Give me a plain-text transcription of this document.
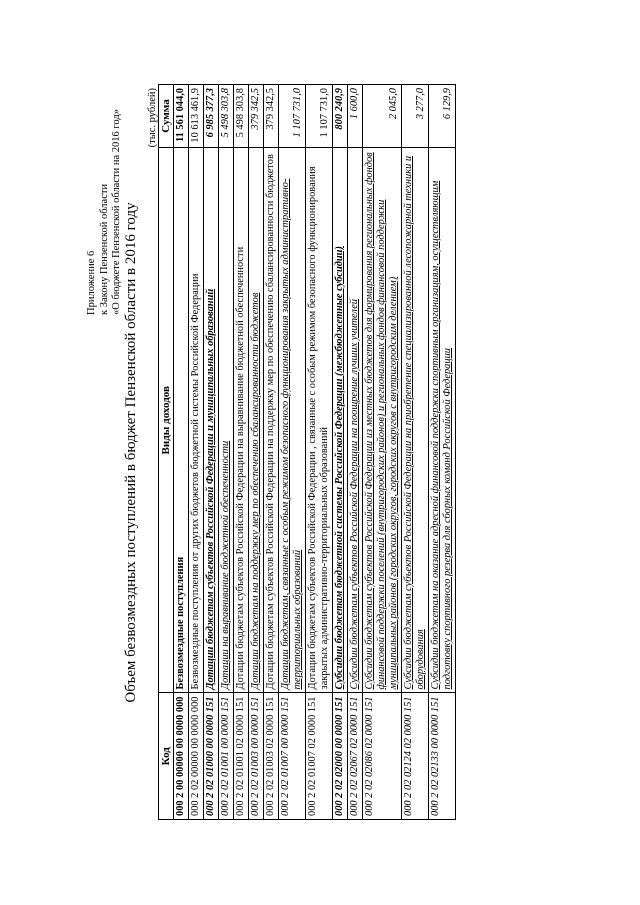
Приложение 6 к Закону Пензенской области «О бюджете Пензенской области на 2016 год» Объем безвозмездных поступлений в бюджет Пензенской области в 2016 году
(тыс. рублей)
Код	Виды доходов	Сумма
000 2 00 00000 00 0000 000	Безвозмездные поступления	11 561 044,0
000 2 02 00000 00 0000 000	Безвозмездные поступления от других бюджетов бюджетной системы Российской Федерации	10 613 461,9
000 2 02 01000 00 0000 151	Дотации бюджетам субъектов Российской Федерации и муниципальных образований	6 985 377,3
000 2 02 01001 00 0000 151	Дотации на выравнивание бюджетной обеспеченности	5 498 303,8
000 2 02 01001 02 0000 151	Дотации бюджетам субъектов Российской Федерации на выравнивание бюджетной обеспеченности	5 498 303,8
000 2 02 01003 00 0000 151	Дотации бюджетам на поддержку мер по обеспечению сбалансированности бюджетов	379 342,5
000 2 02 01003 02 0000 151	Дотации бюджетам субъектов Российской Федерации на поддержку мер по обеспечению сбалансированности бюджетов	379 342,5
000 2 02 01007 00 0000 151	Дотации бюджетам, связанные с особым режимом безопасного функционирования закрытых административно-территориальных образований	1 107 731,0
000 2 02 01007 02 0000 151	Дотации бюджетам субъектов Российской Федерации , связанные с особым режимом безопасного функционирования закрытых административно-территориальных образований	1 107 731,0
000 2 02 02000 00 0000 151	Субсидии бюджетам бюджетной системы Российской Федерации (межбюджетные субсидии)	800 240,9
000 2 02 02067 02 0000 151	Субсидии бюджетам субъектов Российской Федерации на поощрение лучших учителей	1 600,0
000 2 02 02086 02 0000 151	Субсидии бюджетам субъектов Российской Федерации из местных бюджетов для формирования региональных фондов финансовой поддержки поселений (внутригородских районов) и региональных фондов финансовой поддержки муниципальных районов (городских округов, городских округов с внутригородским делением)	2 045,0
000 2 02 02124 02 0000 151	Субсидии бюджетам субъектов Российской Федерации на приобретение специализированной лесопожарной техники и оборудования	3 277,0
000 2 02 02133 00 0000 151	Субсидии бюджетам на оказание адресной финансовой поддержки спортивным организациям, осуществляющим подготовку спортивного резерва для сборных команд Российской Федерации	6 129,9
